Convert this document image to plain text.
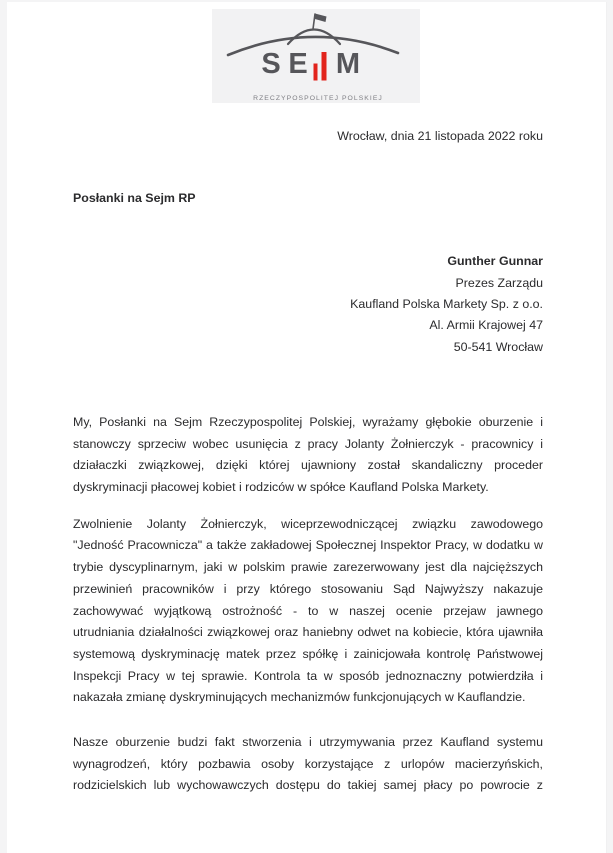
S E M
RZECZYPOSPOLITEJ POLSKIEJ
Wrocław, dnia 21 listopada 2022 roku
Posłanki na Sejm RP
Gunther Gunnar
Prezes Zarządu
Kaufland Polska Markety Sp. z o.o.
Al. Armii Krajowej 47
50-541 Wrocław
My, Posłanki na Sejm Rzeczypospolitej Polskiej, wyrażamy głębokie oburzenie i
stanowczy sprzeciw wobec usunięcia z pracy Jolanty Żołnierczyk - pracownicy i
działaczki związkowej, dzięki której ujawniony został skandaliczny proceder
dyskryminacji płacowej kobiet i rodziców w spółce Kaufland Polska Markety.
Zwolnienie Jolanty Żołnierczyk, wiceprzewodniczącej związku zawodowego
"Jedność Pracownicza" a także zakładowej Społecznej Inspektor Pracy, w dodatku w
trybie dyscyplinarnym, jaki w polskim prawie zarezerwowany jest dla najcięższych
przewinień pracowników i przy którego stosowaniu Sąd Najwyższy nakazuje
zachowywać wyjątkową ostrożność - to w naszej ocenie przejaw jawnego
utrudniania działalności związkowej oraz haniebny odwet na kobiecie, która ujawniła
systemową dyskryminację matek przez spółkę i zainicjowała kontrolę Państwowej
Inspekcji Pracy w tej sprawie. Kontrola ta w sposób jednoznaczny potwierdziła i
nakazała zmianę dyskryminujących mechanizmów funkcjonujących w Kauflandzie.
Nasze oburzenie budzi fakt stworzenia i utrzymywania przez Kaufland systemu
wynagrodzeń, który pozbawia osoby korzystające z urlopów macierzyńskich,
rodzicielskich lub wychowawczych dostępu do takiej samej płacy po powrocie z
